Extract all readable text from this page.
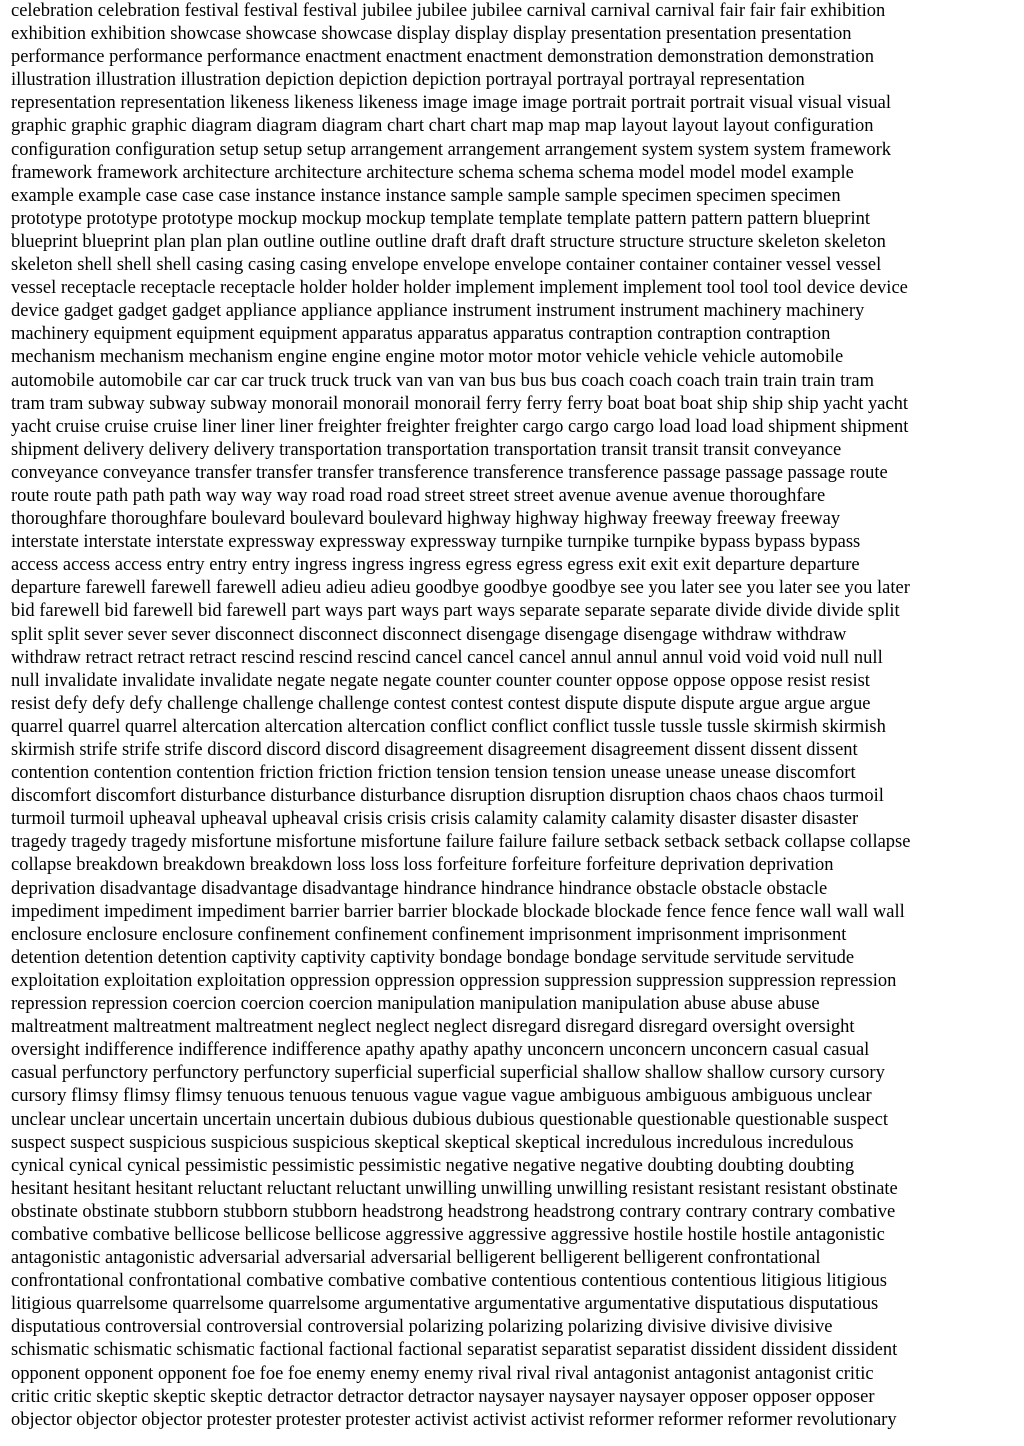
celebration celebration festival festival festival jubilee jubilee jubilee carnival carnival carnival fair fair fair exhibition
exhibition exhibition showcase showcase showcase display display display presentation presentation presentation
performance performance performance enactment enactment enactment demonstration demonstration demonstration
illustration illustration illustration depiction depiction depiction portrayal portrayal portrayal representation
representation representation likeness likeness likeness image image image portrait portrait portrait visual visual visual
graphic graphic graphic diagram diagram diagram chart chart chart map map map layout layout layout configuration
configuration configuration setup setup setup arrangement arrangement arrangement system system system framework
framework framework architecture architecture architecture schema schema schema model model model example
example example case case case instance instance instance sample sample sample specimen specimen specimen
prototype prototype prototype mockup mockup mockup template template template pattern pattern pattern blueprint
blueprint blueprint plan plan plan outline outline outline draft draft draft structure structure structure skeleton skeleton
skeleton shell shell shell casing casing casing envelope envelope envelope container container container vessel vessel
vessel receptacle receptacle receptacle holder holder holder implement implement implement tool tool tool device device
device gadget gadget gadget appliance appliance appliance instrument instrument instrument machinery machinery
machinery equipment equipment equipment apparatus apparatus apparatus contraption contraption contraption
mechanism mechanism mechanism engine engine engine motor motor motor vehicle vehicle vehicle automobile
automobile automobile car car car truck truck truck van van van bus bus bus coach coach coach train train train tram
tram tram subway subway subway monorail monorail monorail ferry ferry ferry boat boat boat ship ship ship yacht yacht
yacht cruise cruise cruise liner liner liner freighter freighter freighter cargo cargo cargo load load load shipment shipment
shipment delivery delivery delivery transportation transportation transportation transit transit transit conveyance
conveyance conveyance transfer transfer transfer transference transference transference passage passage passage route
route route path path path way way way road road road street street street avenue avenue avenue thoroughfare
thoroughfare thoroughfare boulevard boulevard boulevard highway highway highway freeway freeway freeway
interstate interstate interstate expressway expressway expressway turnpike turnpike turnpike bypass bypass bypass
access access access entry entry entry ingress ingress ingress egress egress egress exit exit exit departure departure
departure farewell farewell farewell adieu adieu adieu goodbye goodbye goodbye see you later see you later see you later
bid farewell bid farewell bid farewell part ways part ways part ways separate separate separate divide divide divide split
split split sever sever sever disconnect disconnect disconnect disengage disengage disengage withdraw withdraw
withdraw retract retract retract rescind rescind rescind cancel cancel cancel annul annul annul void void void null null
null invalidate invalidate invalidate negate negate negate counter counter counter oppose oppose oppose resist resist
resist defy defy defy challenge challenge challenge contest contest contest dispute dispute dispute argue argue argue
quarrel quarrel quarrel altercation altercation altercation conflict conflict conflict tussle tussle tussle skirmish skirmish
skirmish strife strife strife discord discord discord disagreement disagreement disagreement dissent dissent dissent
contention contention contention friction friction friction tension tension tension unease unease unease discomfort
discomfort discomfort disturbance disturbance disturbance disruption disruption disruption chaos chaos chaos turmoil
turmoil turmoil upheaval upheaval upheaval crisis crisis crisis calamity calamity calamity disaster disaster disaster
tragedy tragedy tragedy misfortune misfortune misfortune failure failure failure setback setback setback collapse collapse
collapse breakdown breakdown breakdown loss loss loss forfeiture forfeiture forfeiture deprivation deprivation
deprivation disadvantage disadvantage disadvantage hindrance hindrance hindrance obstacle obstacle obstacle
impediment impediment impediment barrier barrier barrier blockade blockade blockade fence fence fence wall wall wall
enclosure enclosure enclosure confinement confinement confinement imprisonment imprisonment imprisonment
detention detention detention captivity captivity captivity bondage bondage bondage servitude servitude servitude
exploitation exploitation exploitation oppression oppression oppression suppression suppression suppression repression
repression repression coercion coercion coercion manipulation manipulation manipulation abuse abuse abuse
maltreatment maltreatment maltreatment neglect neglect neglect disregard disregard disregard oversight oversight
oversight indifference indifference indifference apathy apathy apathy unconcern unconcern unconcern casual casual
casual perfunctory perfunctory perfunctory superficial superficial superficial shallow shallow shallow cursory cursory
cursory flimsy flimsy flimsy tenuous tenuous tenuous vague vague vague ambiguous ambiguous ambiguous unclear
unclear unclear uncertain uncertain uncertain dubious dubious dubious questionable questionable questionable suspect
suspect suspect suspicious suspicious suspicious skeptical skeptical skeptical incredulous incredulous incredulous
cynical cynical cynical pessimistic pessimistic pessimistic negative negative negative doubting doubting doubting
hesitant hesitant hesitant reluctant reluctant reluctant unwilling unwilling unwilling resistant resistant resistant obstinate
obstinate obstinate stubborn stubborn stubborn headstrong headstrong headstrong contrary contrary contrary combative
combative combative bellicose bellicose bellicose aggressive aggressive aggressive hostile hostile hostile antagonistic
antagonistic antagonistic adversarial adversarial adversarial belligerent belligerent belligerent confrontational
confrontational confrontational combative combative combative contentious contentious contentious litigious litigious
litigious quarrelsome quarrelsome quarrelsome argumentative argumentative argumentative disputatious disputatious
disputatious controversial controversial controversial polarizing polarizing polarizing divisive divisive divisive
schismatic schismatic schismatic factional factional factional separatist separatist separatist dissident dissident dissident
opponent opponent opponent foe foe foe enemy enemy enemy rival rival rival antagonist antagonist antagonist critic
critic critic skeptic skeptic skeptic detractor detractor detractor naysayer naysayer naysayer opposer opposer opposer
objector objector objector protester protester protester activist activist activist reformer reformer reformer revolutionary
